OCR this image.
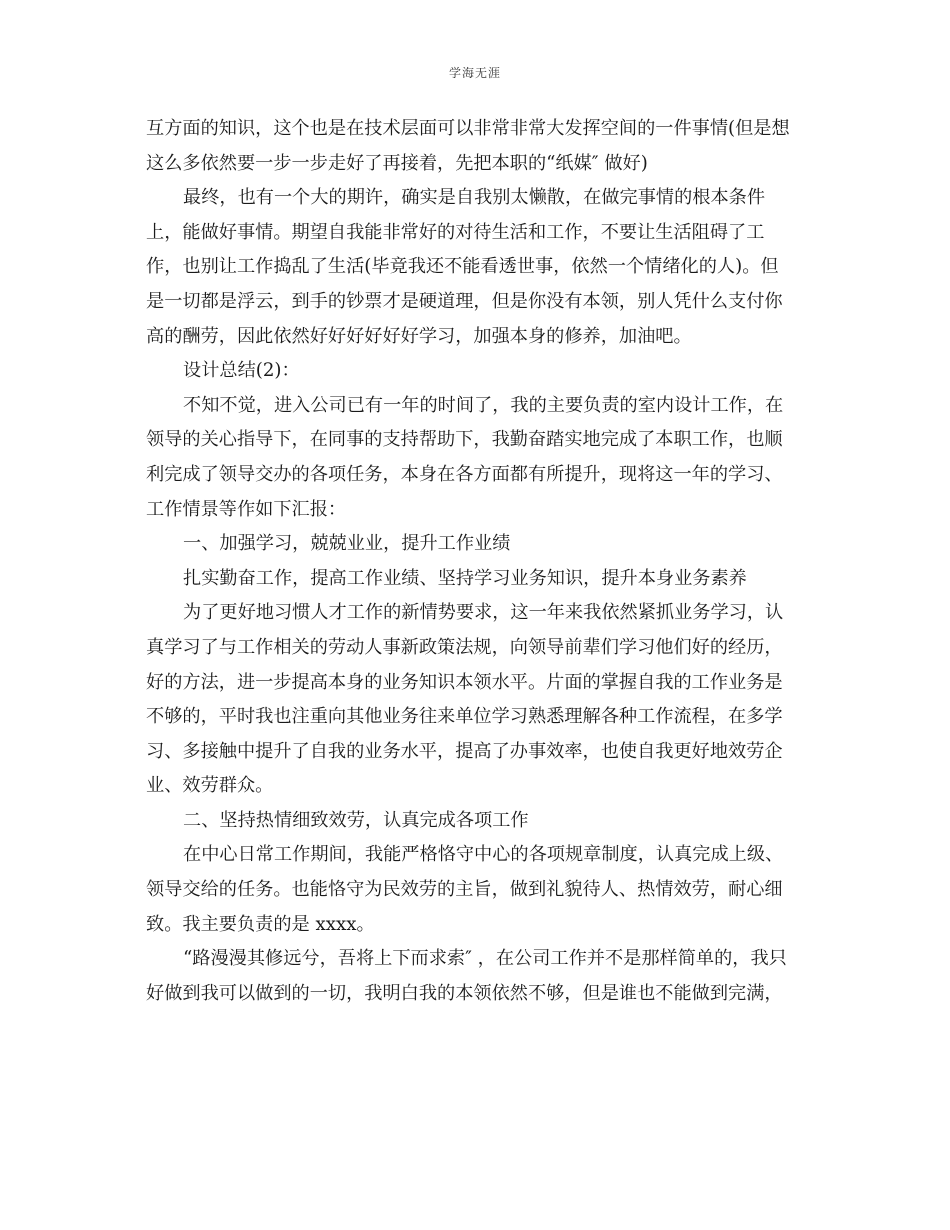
学海无涯
互方面的知识，这个也是在技术层面可以非常非常大发挥空间的一件事情(但是想
这么多依然要一步一步走好了再接着，先把本职的“纸媒″ 做好)
最终，也有一个大的期许，确实是自我别太懒散，在做完事情的根本条件
上，能做好事情。期望自我能非常好的对待生活和工作，不要让生活阻碍了工
作，也别让工作捣乱了生活(毕竟我还不能看透世事，依然一个情绪化的人)。但
是一切都是浮云，到手的钞票才是硬道理，但是你没有本领，别人凭什么支付你
高的酬劳，因此依然好好好好好好学习，加强本身的修养，加油吧。
设计总结(2)：
不知不觉，进入公司已有一年的时间了，我的主要负责的室内设计工作，在
领导的关心指导下，在同事的支持帮助下，我勤奋踏实地完成了本职工作，也顺
利完成了领导交办的各项任务，本身在各方面都有所提升，现将这一年的学习、
工作情景等作如下汇报：
一、加强学习，兢兢业业，提升工作业绩
扎实勤奋工作，提高工作业绩、坚持学习业务知识，提升本身业务素养
为了更好地习惯人才工作的新情势要求，这一年来我依然紧抓业务学习，认
真学习了与工作相关的劳动人事新政策法规，向领导前辈们学习他们好的经历，
好的方法，进一步提高本身的业务知识本领水平。片面的掌握自我的工作业务是
不够的，平时我也注重向其他业务往来单位学习熟悉理解各种工作流程，在多学
习、多接触中提升了自我的业务水平，提高了办事效率，也使自我更好地效劳企
业、效劳群众。
二、坚持热情细致效劳，认真完成各项工作
在中心日常工作期间，我能严格恪守中心的各项规章制度，认真完成上级、
领导交给的任务。也能恪守为民效劳的主旨，做到礼貌待人、热情效劳，耐心细
致。我主要负责的是 xxxx。
“路漫漫其修远兮，吾将上下而求索″ ，在公司工作并不是那样简单的，我只
好做到我可以做到的一切，我明白我的本领依然不够，但是谁也不能做到完满，
